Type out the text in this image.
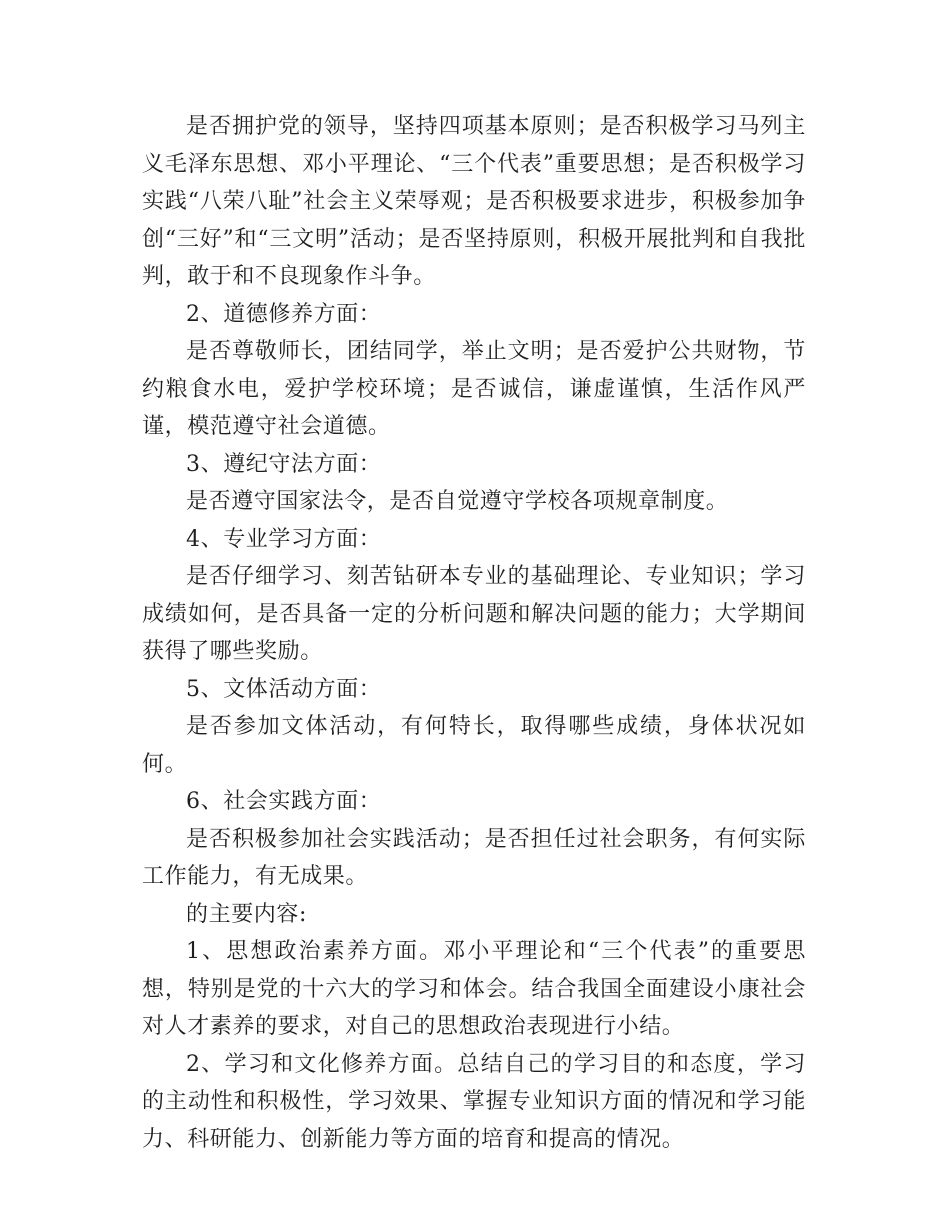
是否拥护党的领导，坚持四项基本原则；是否积极学习马列主义毛泽东思想、邓小平理论、“三个代表”重要思想；是否积极学习实践“八荣八耻”社会主义荣辱观；是否积极要求进步，积极参加争创“三好”和“三文明”活动；是否坚持原则，积极开展批判和自我批判，敢于和不良现象作斗争。

2、道德修养方面：

是否尊敬师长，团结同学，举止文明；是否爱护公共财物，节约粮食水电，爱护学校环境；是否诚信，谦虚谨慎，生活作风严谨，模范遵守社会道德。

3、遵纪守法方面：

是否遵守国家法令，是否自觉遵守学校各项规章制度。

4、专业学习方面：

是否仔细学习、刻苦钻研本专业的基础理论、专业知识；学习成绩如何，是否具备一定的分析问题和解决问题的能力；大学期间获得了哪些奖励。

5、文体活动方面：

是否参加文体活动，有何特长，取得哪些成绩，身体状况如何。

6、社会实践方面：

是否积极参加社会实践活动；是否担任过社会职务，有何实际工作能力，有无成果。

的主要内容:

1、思想政治素养方面。邓小平理论和“三个代表”的重要思想，特别是党的十六大的学习和体会。结合我国全面建设小康社会对人才素养的要求，对自己的思想政治表现进行小结。

2、学习和文化修养方面。总结自己的学习目的和态度，学习的主动性和积极性，学习效果、掌握专业知识方面的情况和学习能力、科研能力、创新能力等方面的培育和提高的情况。
